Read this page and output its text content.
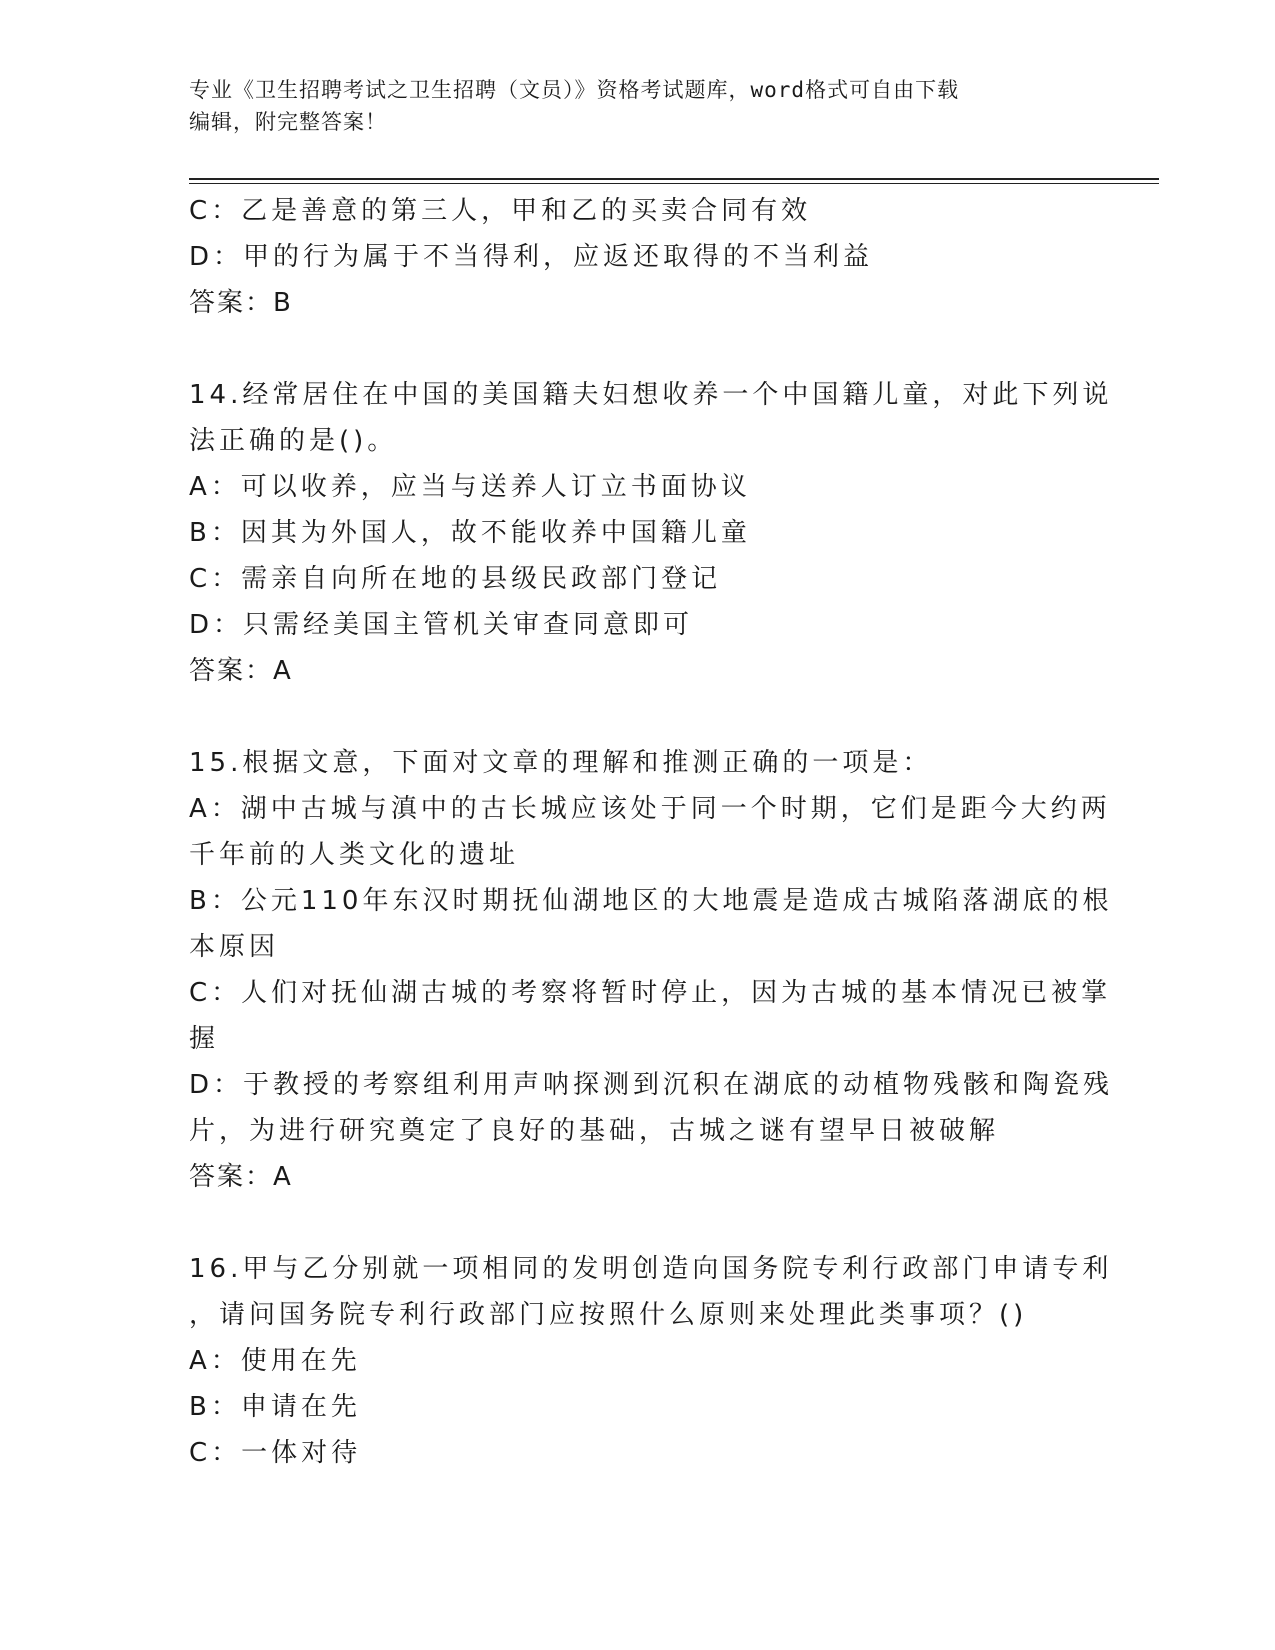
专业《卫生招聘考试之卫生招聘（文员）》资格考试题库，word格式可自由下载
编辑，附完整答案！
C：乙是善意的第三人，甲和乙的买卖合同有效
D：甲的行为属于不当得利，应返还取得的不当利益
答案：B
14.经常居住在中国的美国籍夫妇想收养一个中国籍儿童，对此下列说
法正确的是()。
A：可以收养，应当与送养人订立书面协议
B：因其为外国人，故不能收养中国籍儿童
C：需亲自向所在地的县级民政部门登记
D：只需经美国主管机关审查同意即可
答案：A
15.根据文意，下面对文章的理解和推测正确的一项是：
A：湖中古城与滇中的古长城应该处于同一个时期，它们是距今大约两
千年前的人类文化的遗址
B：公元110年东汉时期抚仙湖地区的大地震是造成古城陷落湖底的根
本原因
C：人们对抚仙湖古城的考察将暂时停止，因为古城的基本情况已被掌
握
D：于教授的考察组利用声呐探测到沉积在湖底的动植物残骸和陶瓷残
片，为进行研究奠定了良好的基础，古城之谜有望早日被破解
答案：A
16.甲与乙分别就一项相同的发明创造向国务院专利行政部门申请专利
，请问国务院专利行政部门应按照什么原则来处理此类事项？()
A：使用在先
B：申请在先
C：一体对待
